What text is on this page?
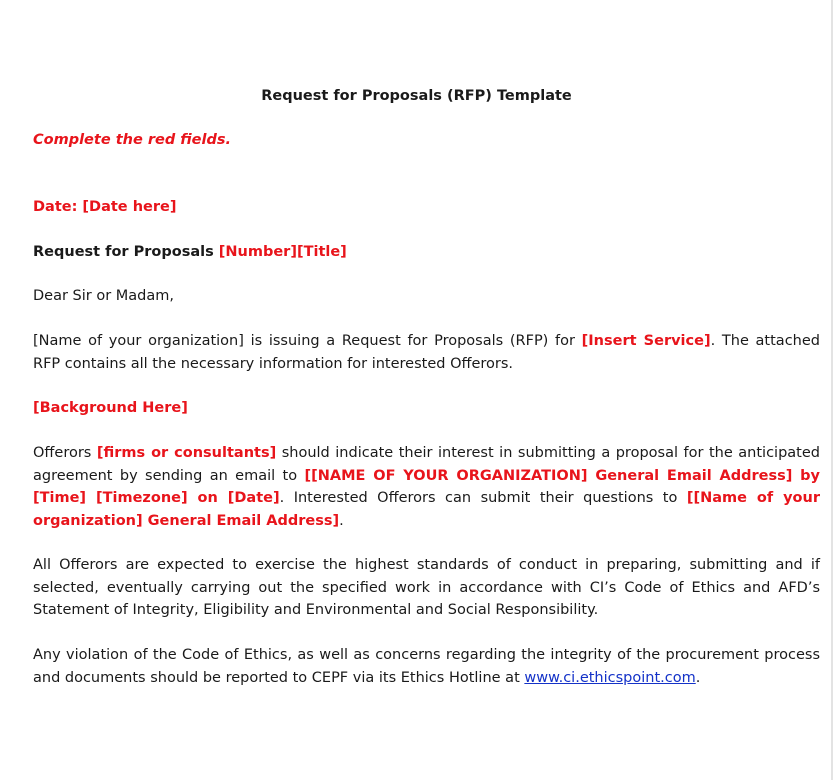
Request for Proposals (RFP) Template
Complete the red fields.
Date: [Date here]
Request for Proposals [Number][Title]
Dear Sir or Madam,
[Name of your organization] is issuing a Request for Proposals (RFP) for [Insert Service]. The attached RFP contains all the necessary information for interested Offerors.
[Background Here]
Offerors [firms or consultants] should indicate their interest in submitting a proposal for the anticipated agreement by sending an email to [[NAME OF YOUR ORGANIZATION] General Email Address] by [Time] [Timezone] on [Date]. Interested Offerors can submit their questions to [[Name of your organization] General Email Address].
All Offerors are expected to exercise the highest standards of conduct in preparing, submitting and if selected, eventually carrying out the specified work in accordance with CI’s Code of Ethics and AFD’s Statement of Integrity, Eligibility and Environmental and Social Responsibility.
Any violation of the Code of Ethics, as well as concerns regarding the integrity of the procurement process and documents should be reported to CEPF via its Ethics Hotline at www.ci.ethicspoint.com.
